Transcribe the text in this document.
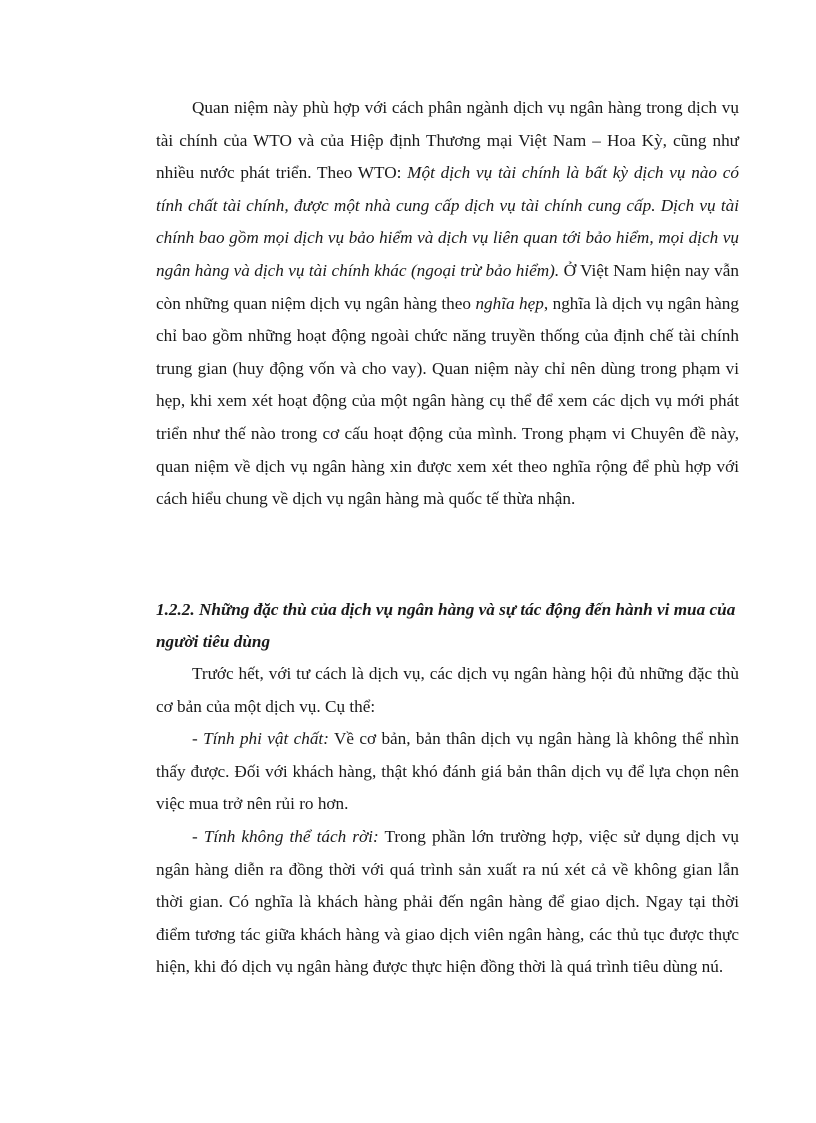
Quan niệm này phù hợp với cách phân ngành dịch vụ ngân hàng trong dịch vụ tài chính của WTO và của Hiệp định Thương mại Việt Nam – Hoa Kỳ, cũng như nhiều nước phát triển. Theo WTO: Một dịch vụ tài chính là bất kỳ dịch vụ nào có tính chất tài chính, được một nhà cung cấp dịch vụ tài chính cung cấp. Dịch vụ tài chính bao gồm mọi dịch vụ bảo hiểm và dịch vụ liên quan tới bảo hiểm, mọi dịch vụ ngân hàng và dịch vụ tài chính khác (ngoại trừ bảo hiểm). Ở Việt Nam hiện nay vẫn còn những quan niệm dịch vụ ngân hàng theo nghĩa hẹp, nghĩa là dịch vụ ngân hàng chỉ bao gồm những hoạt động ngoài chức năng truyền thống của định chế tài chính trung gian (huy động vốn và cho vay). Quan niệm này chỉ nên dùng trong phạm vi hẹp, khi xem xét hoạt động của một ngân hàng cụ thể để xem các dịch vụ mới phát triển như thế nào trong cơ cấu hoạt động của mình. Trong phạm vi Chuyên đề này, quan niệm về dịch vụ ngân hàng xin được xem xét theo nghĩa rộng để phù hợp với cách hiểu chung về dịch vụ ngân hàng mà quốc tế thừa nhận.

1.2.2. Những đặc thù của dịch vụ ngân hàng và sự tác động đến hành vi mua của người tiêu dùng

Trước hết, với tư cách là dịch vụ, các dịch vụ ngân hàng hội đủ những đặc thù cơ bản của một dịch vụ. Cụ thể:

- Tính phi vật chất: Về cơ bản, bản thân dịch vụ ngân hàng là không thể nhìn thấy được. Đối với khách hàng, thật khó đánh giá bản thân dịch vụ để lựa chọn nên việc mua trở nên rủi ro hơn.

- Tính không thể tách rời: Trong phần lớn trường hợp, việc sử dụng dịch vụ ngân hàng diễn ra đồng thời với quá trình sản xuất ra nú xét cả về không gian lẫn thời gian. Có nghĩa là khách hàng phải đến ngân hàng để giao dịch. Ngay tại thời điểm tương tác giữa khách hàng và giao dịch viên ngân hàng, các thủ tục được thực hiện, khi đó dịch vụ ngân hàng được thực hiện đồng thời là quá trình tiêu dùng nú.
